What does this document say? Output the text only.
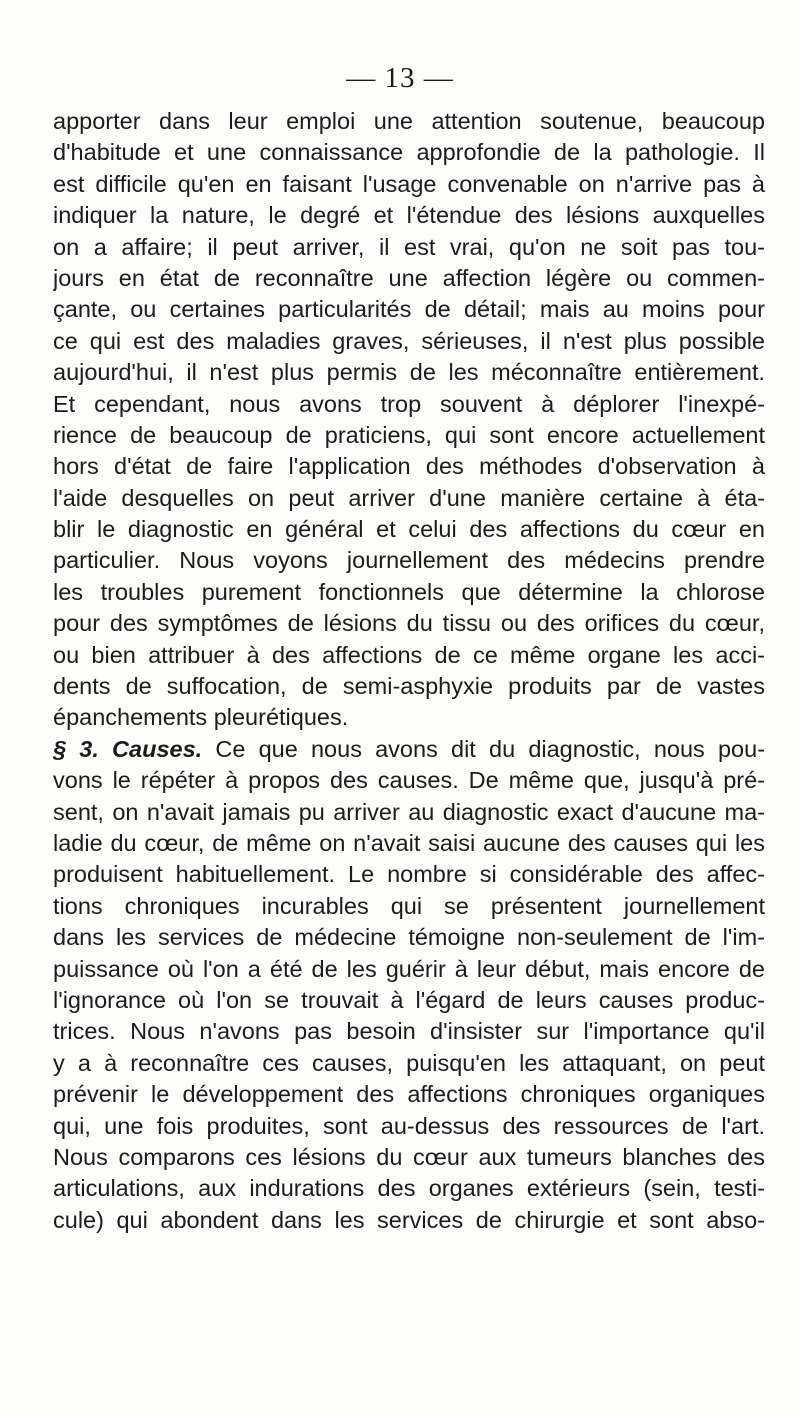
— 13 —
apporter dans leur emploi une attention soutenue, beaucoup
d'habitude et une connaissance approfondie de la pathologie. Il
est difficile qu'en en faisant l'usage convenable on n'arrive pas à
indiquer la nature, le degré et l'étendue des lésions auxquelles
on a affaire; il peut arriver, il est vrai, qu'on ne soit pas tou-
jours en état de reconnaître une affection légère ou commen-
çante, ou certaines particularités de détail; mais au moins pour
ce qui est des maladies graves, sérieuses, il n'est plus possible
aujourd'hui, il n'est plus permis de les méconnaître entièrement.
Et cependant, nous avons trop souvent à déplorer l'inexpé-
rience de beaucoup de praticiens, qui sont encore actuellement
hors d'état de faire l'application des méthodes d'observation à
l'aide desquelles on peut arriver d'une manière certaine à éta-
blir le diagnostic en général et celui des affections du cœur en
particulier. Nous voyons journellement des médecins prendre
les troubles purement fonctionnels que détermine la chlorose
pour des symptômes de lésions du tissu ou des orifices du cœur,
ou bien attribuer à des affections de ce même organe les acci-
dents de suffocation, de semi-asphyxie produits par de vastes
épanchements pleurétiques.
§ 3. Causes. Ce que nous avons dit du diagnostic, nous pou-
vons le répéter à propos des causes. De même que, jusqu'à pré-
sent, on n'avait jamais pu arriver au diagnostic exact d'aucune ma-
ladie du cœur, de même on n'avait saisi aucune des causes qui les
produisent habituellement. Le nombre si considérable des affec-
tions chroniques incurables qui se présentent journellement
dans les services de médecine témoigne non-seulement de l'im-
puissance où l'on a été de les guérir à leur début, mais encore de
l'ignorance où l'on se trouvait à l'égard de leurs causes produc-
trices. Nous n'avons pas besoin d'insister sur l'importance qu'il
y a à reconnaître ces causes, puisqu'en les attaquant, on peut
prévenir le développement des affections chroniques organiques
qui, une fois produites, sont au-dessus des ressources de l'art.
Nous comparons ces lésions du cœur aux tumeurs blanches des
articulations, aux indurations des organes extérieurs (sein, testi-
cule) qui abondent dans les services de chirurgie et sont abso-
